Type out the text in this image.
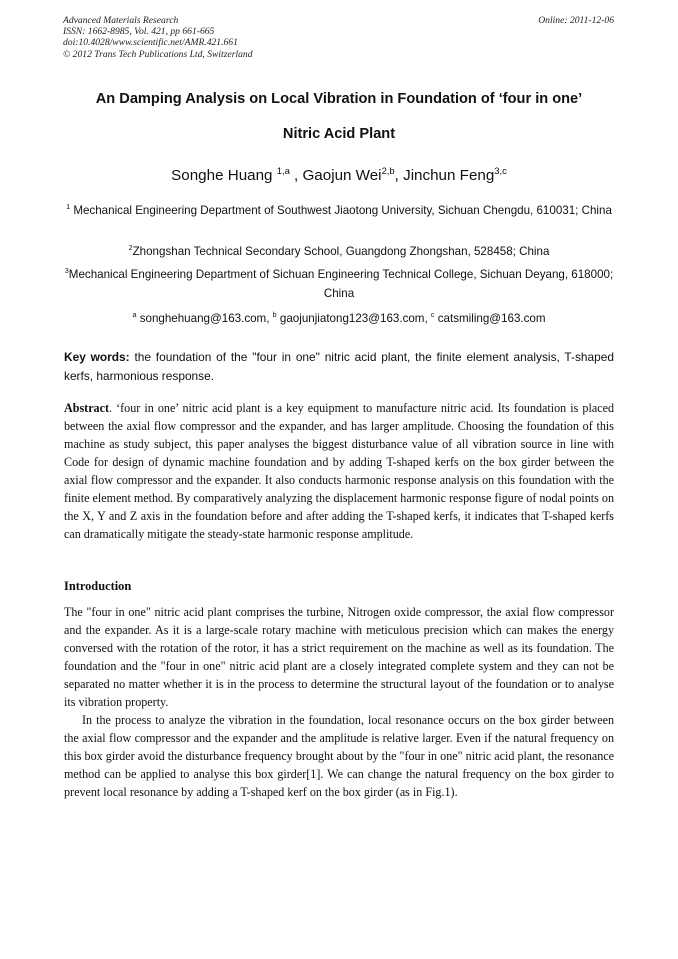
Advanced Materials Research
ISSN: 1662-8985, Vol. 421, pp 661-665
doi:10.4028/www.scientific.net/AMR.421.661
© 2012 Trans Tech Publications Ltd, Switzerland
Online: 2011-12-06
An Damping Analysis on Local Vibration in Foundation of ‘four in one’
Nitric Acid Plant
Songhe Huang $^{1,a}$ , Gaojun Wei$^{2,b}$, Jinchun Feng$^{3,c}$
$^1$ Mechanical Engineering Department of Southwest Jiaotong University, Sichuan Chengdu, 610031; China
$^2$Zhongshan Technical Secondary School, Guangdong Zhongshan, 528458; China
$^3$Mechanical Engineering Department of Sichuan Engineering Technical College, Sichuan Deyang, 618000; China
$^a$ songhehuang@163.com, $^b$ gaojunjiatong123@163.com, $^c$ catsmiling@163.com
Key words: the foundation of the "four in one" nitric acid plant, the finite element analysis, T-shaped kerfs, harmonious response.
Abstract. ‘four in one’ nitric acid plant is a key equipment to manufacture nitric acid. Its foundation is placed between the axial flow compressor and the expander, and has larger amplitude. Choosing the foundation of this machine as study subject, this paper analyses the biggest disturbance value of all vibration source in line with Code for design of dynamic machine foundation and by adding T-shaped kerfs on the box girder between the axial flow compressor and the expander. It also conducts harmonic response analysis on this foundation with the finite element method. By comparatively analyzing the displacement harmonic response figure of nodal points on the X, Y and Z axis in the foundation before and after adding the T-shaped kerfs, it indicates that T-shaped kerfs can dramatically mitigate the steady-state harmonic response amplitude.
Introduction
The "four in one" nitric acid plant comprises the turbine, Nitrogen oxide compressor, the axial flow compressor and the expander. As it is a large-scale rotary machine with meticulous precision which can makes the energy conversed with the rotation of the rotor, it has a strict requirement on the machine as well as its foundation. The foundation and the "four in one" nitric acid plant are a closely integrated complete system and they can not be separated no matter whether it is in the process to determine the structural layout of the foundation or to analyse its vibration property.
In the process to analyze the vibration in the foundation, local resonance occurs on the box girder between the axial flow compressor and the expander and the amplitude is relative larger. Even if the natural frequency on this box girder avoid the disturbance frequency brought about by the "four in one" nitric acid plant, the resonance method can be applied to analyse this box girder[1]. We can change the natural frequency on the box girder to prevent local resonance by adding a T-shaped kerf on the box girder (as in Fig.1).
